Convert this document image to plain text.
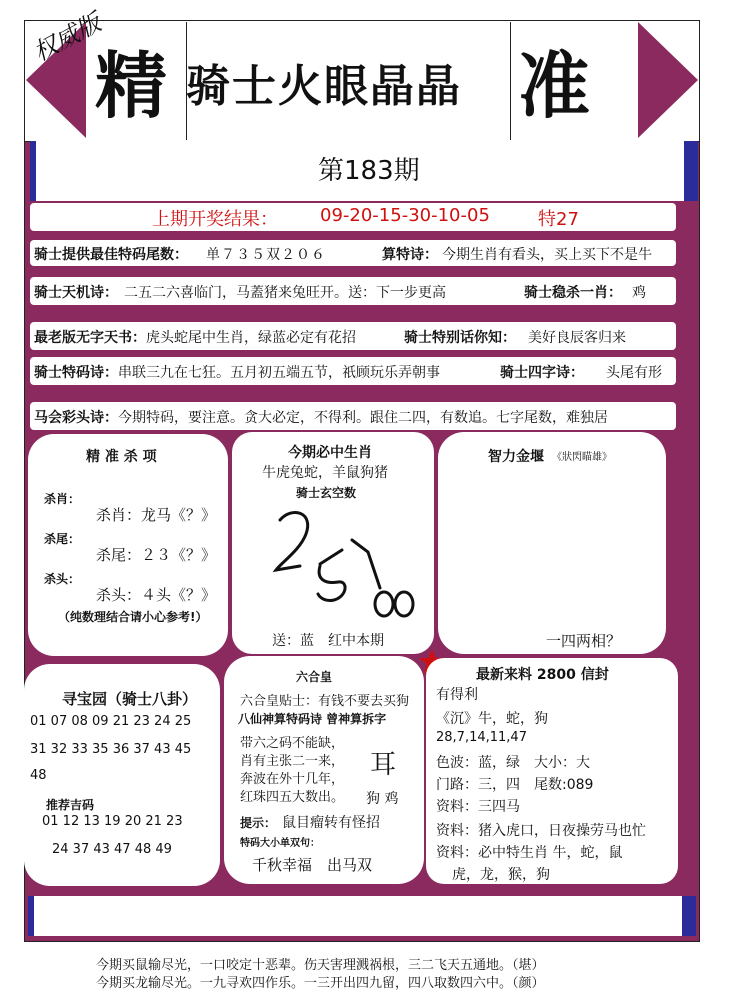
权威版
精	准
骑士火眼晶晶
第183期
上期开奖结果： 09-20-15-30-10-05	特27
骑士提供最佳特码尾数： 单７３５双２０６	算特诗： 今期生肖有看头，买上买下不是牛
骑士天机诗： 二五二六喜临门，马蓋猪来兔旺开。送：下一步更高	骑士稳杀一肖： 鸡
最老版无字天书： 虎头蛇尾中生肖，绿蓝必定有花招	骑士特别话你知： 美好良辰客归来
骑士特码诗： 串联三九在七狂。五月初五端五节，祇顾玩乐弄朝事	骑士四字诗： 头尾有形
马会彩头诗： 今期特码，要注意。贪大必定，不得利。跟住二四，有数追。七字尾数，难独居
精 准 杀 项
杀肖：
杀肖：龙马《？》
杀尾：
杀尾：２３《？》
杀头：
杀头：４头《？》
（纯数理结合请小心参考!）
今期必中生肖
牛虎兔蛇，羊鼠狗猪
骑士玄空数
送：蓝　红中本期
智力金堰 《狀閃瞄雄》
一四两相？
寻宝园（骑士八卦）
01 07 08 09 21 23 24 25
31 32 33 35 36 37 43 45
48
推荐吉码
01 12 13 19 20 21 23
24 37 43 47 48 49
六合皇
六合皇贴士：有钱不要去买狗
八仙神算特码诗 曾神算拆字
带六之码不能缺，
肖有主张二一来，
奔波在外十几年，
红珠四五大数出。
耳
狗 鸡
提示： 鼠目瘤转有怪招
特码大小单双句：
千秋幸福　出马双
最新来料 2800 信封
有得利
《沉》牛，蛇，狗
28,7,14,11,47
色波：蓝，绿　大小：大
门路：三，四　尾数:089
资料：三四马
资料：猪入虎口，日夜操劳马也忙
资料：必中特生肖 牛，蛇，鼠
虎，龙，猴，狗
今期买鼠输尽光，一口咬定十恶辈。伤天害理溅祸根，三二飞天五通地。（堪）
今期买龙输尽光。一九寻欢四作乐。一三开出四九留，四八取数四六中。（颜）
